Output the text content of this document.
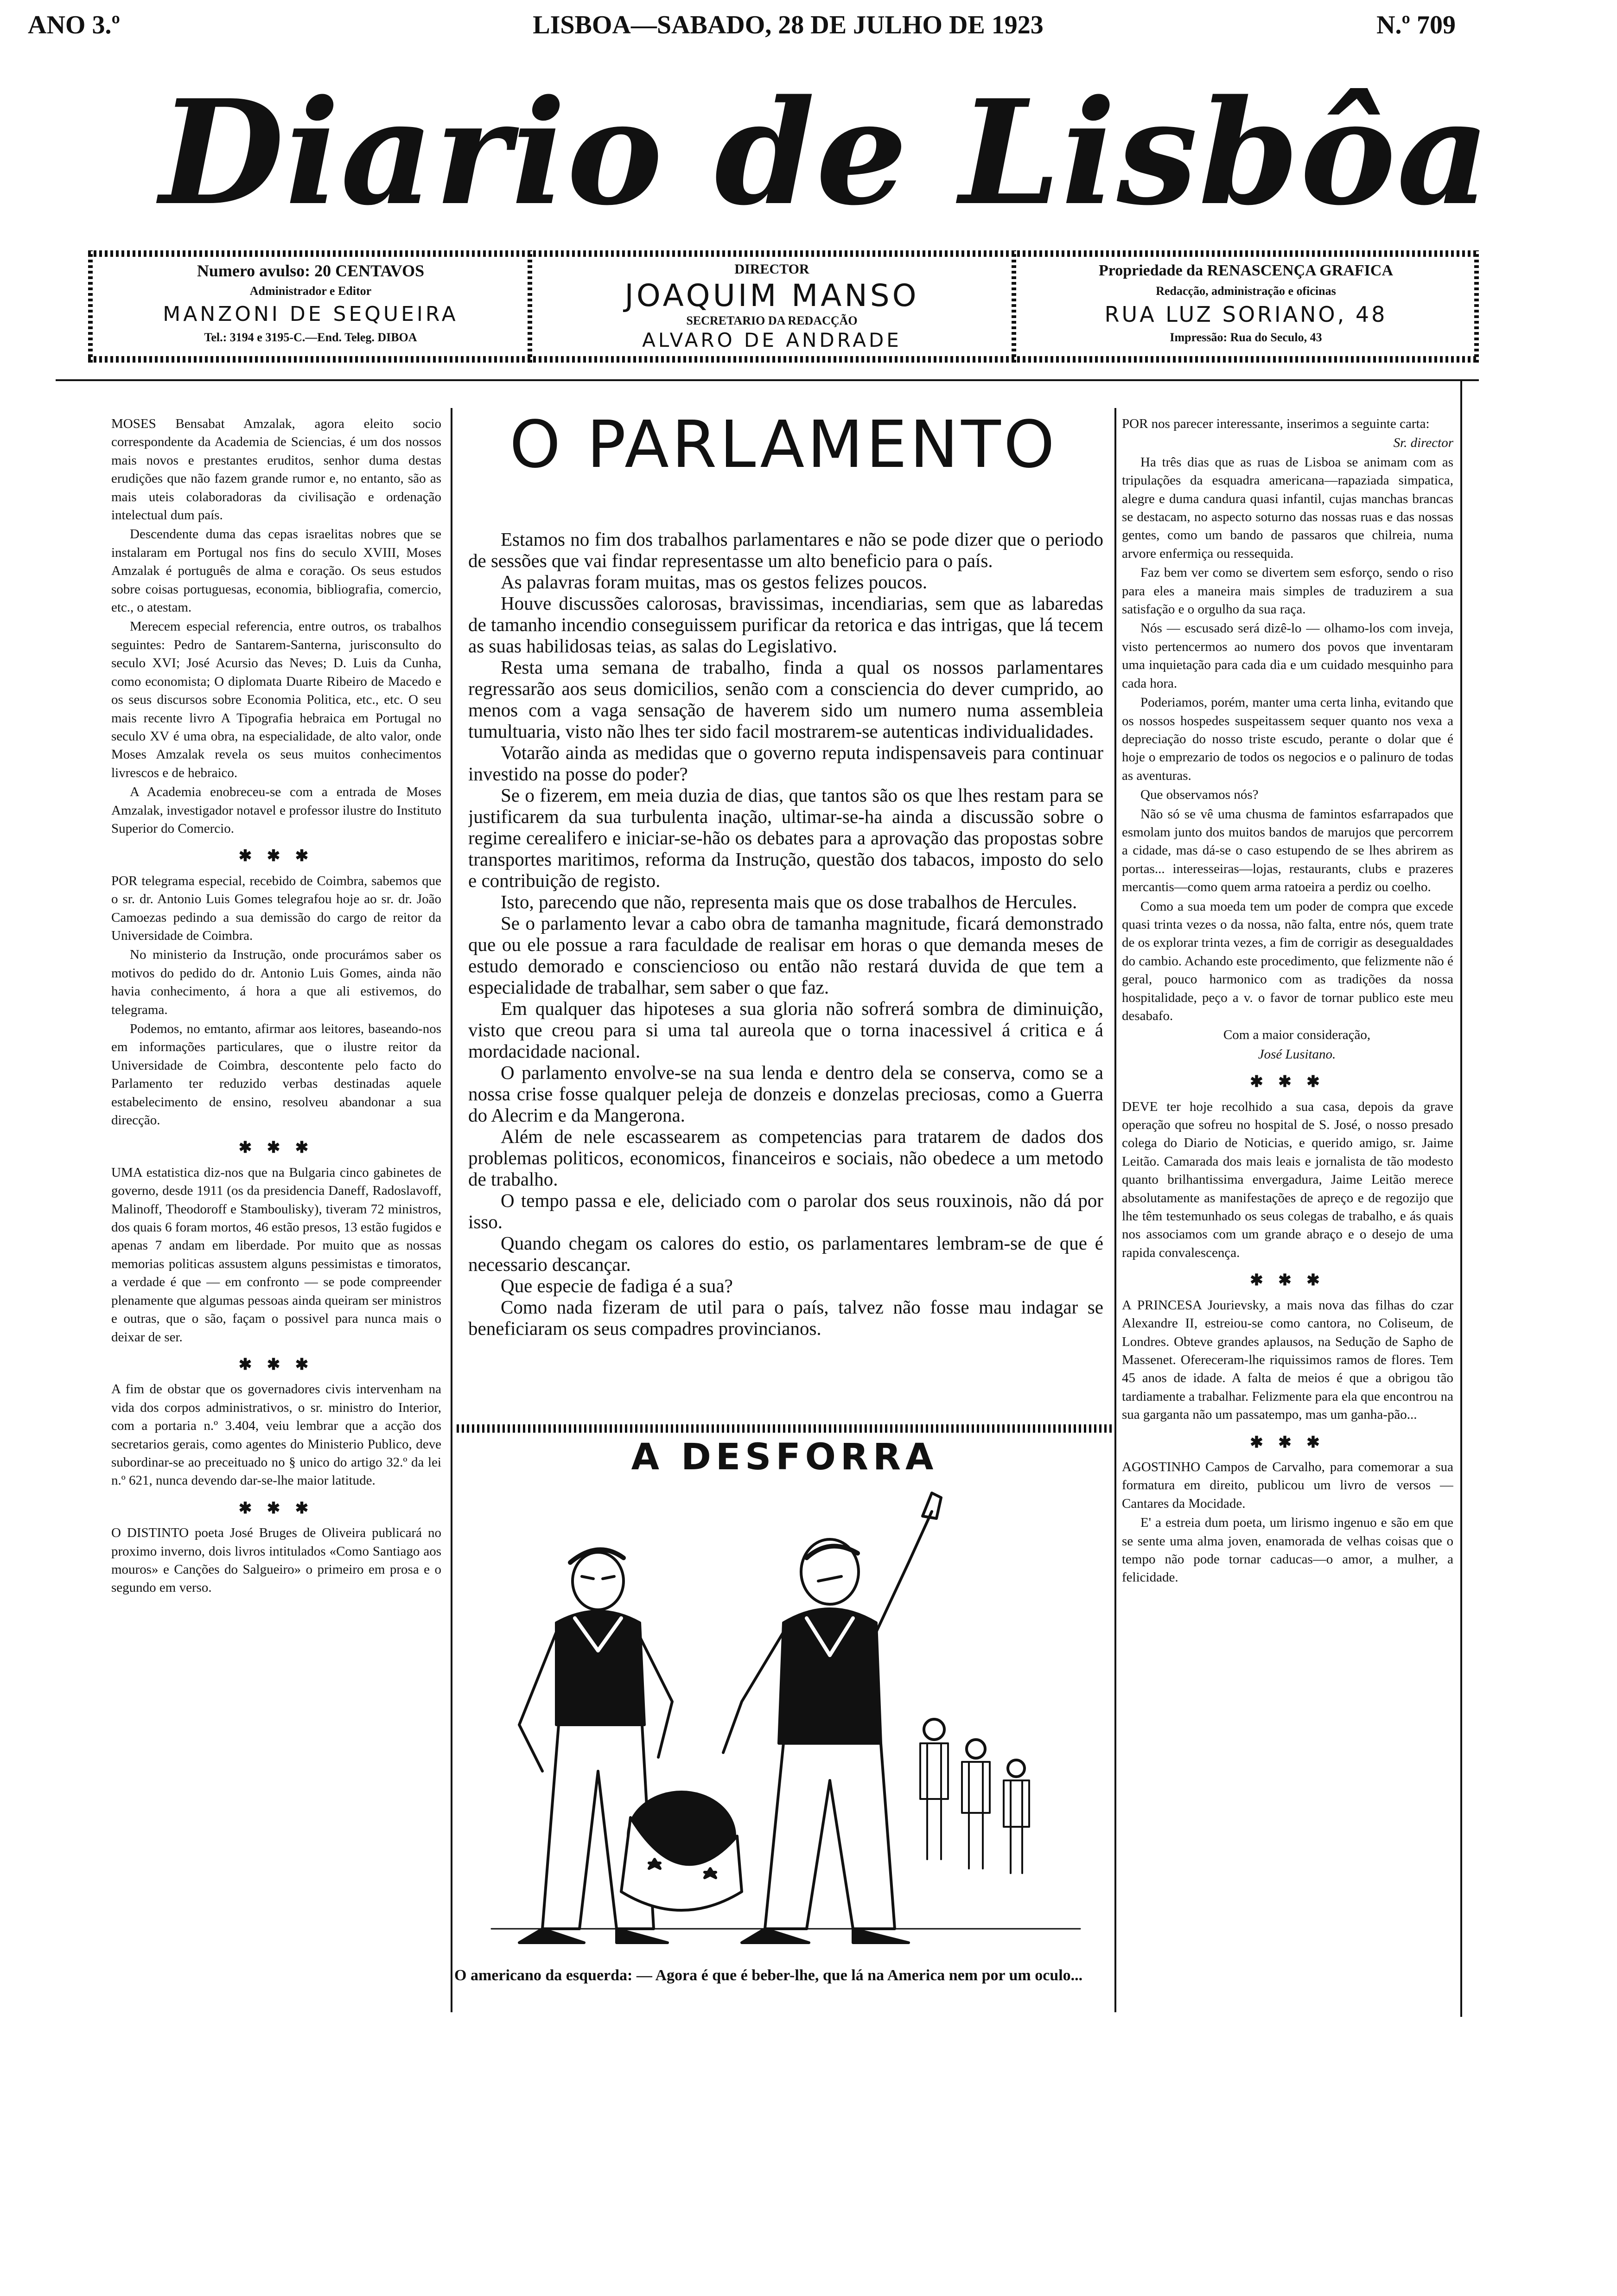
ANO 3.º	LISBOA—SABADO, 28 DE JULHO DE 1923	N.º 709
Diario de Lisbôa
Numero avulso: 20 CENTAVOS
Administrador e Editor
MANZONI DE SEQUEIRA
Tel.: 3194 e 3195-C.—End. Teleg. DIBOA
DIRECTOR
JOAQUIM MANSO
SECRETARIO DA REDACÇÃO
ALVARO DE ANDRADE
Propriedade da RENASCENÇA GRAFICA
Redacção, administração e oficinas
RUA LUZ SORIANO, 48
Impressão: Rua do Seculo, 43

MOSES Bensabat Amzalak, agora eleito socio correspondente da Academia de Sciencias, é um dos nossos mais novos e prestantes eruditos, senhor duma destas erudições que não fazem grande rumor e, no entanto, são as mais uteis colaboradoras da civilisação e ordenação intelectual dum país.

Descendente duma das cepas israelitas nobres que se instalaram em Portugal nos fins do seculo XVIII, Moses Amzalak é português de alma e coração. Os seus estudos sobre coisas portuguesas, economia, bibliografia, comercio, etc., o atestam.

Merecem especial referencia, entre outros, os trabalhos seguintes: Pedro de Santarem-Santerna, jurisconsulto do seculo XVI; José Acursio das Neves; D. Luis da Cunha, como economista; O diplomata Duarte Ribeiro de Macedo e os seus discursos sobre Economia Politica, etc., etc. O seu mais recente livro A Tipografia hebraica em Portugal no seculo XV é uma obra, na especialidade, de alto valor, onde Moses Amzalak revela os seus muitos conhecimentos livrescos e de hebraico.

A Academia enobreceu-se com a entrada de Moses Amzalak, investigador notavel e professor ilustre do Instituto Superior do Comercio.

✱ ✱ ✱

POR telegrama especial, recebido de Coimbra, sabemos que o sr. dr. Antonio Luis Gomes telegrafou hoje ao sr. dr. João Camoezas pedindo a sua demissão do cargo de reitor da Universidade de Coimbra.

No ministerio da Instrução, onde procurámos saber os motivos do pedido do dr. Antonio Luis Gomes, ainda não havia conhecimento, á hora a que ali estivemos, do telegrama.

Podemos, no emtanto, afirmar aos leitores, baseando-nos em informações particulares, que o ilustre reitor da Universidade de Coimbra, descontente pelo facto do Parlamento ter reduzido verbas destinadas aquele estabelecimento de ensino, resolveu abandonar a sua direcção.

✱ ✱ ✱

UMA estatistica diz-nos que na Bulgaria cinco gabinetes de governo, desde 1911 (os da presidencia Daneff, Radoslavoff, Malinoff, Theodoroff e Stamboulisky), tiveram 72 ministros, dos quais 6 foram mortos, 46 estão presos, 13 estão fugidos e apenas 7 andam em liberdade. Por muito que as nossas memorias politicas assustem alguns pessimistas e timoratos, a verdade é que — em confronto — se pode compreender plenamente que algumas pessoas ainda queiram ser ministros e outras, que o são, façam o possivel para nunca mais o deixar de ser.

✱ ✱ ✱

A fim de obstar que os governadores civis intervenham na vida dos corpos administrativos, o sr. ministro do Interior, com a portaria n.º 3.404, veiu lembrar que a acção dos secretarios gerais, como agentes do Ministerio Publico, deve subordinar-se ao preceituado no § unico do artigo 32.º da lei n.º 621, nunca devendo dar-se-lhe maior latitude.

✱ ✱ ✱

O DISTINTO poeta José Bruges de Oliveira publicará no proximo inverno, dois livros intitulados «Como Santiago aos mouros» e Canções do Salgueiro» o primeiro em prosa e o segundo em verso.

O PARLAMENTO

Estamos no fim dos trabalhos parlamentares e não se pode dizer que o periodo de sessões que vai findar representasse um alto beneficio para o país.

As palavras foram muitas, mas os gestos felizes poucos.

Houve discussões calorosas, bravissimas, incendiarias, sem que as labaredas de tamanho incendio conseguissem purificar da retorica e das intrigas, que lá tecem as suas habilidosas teias, as salas do Legislativo.

Resta uma semana de trabalho, finda a qual os nossos parlamentares regressarão aos seus domicilios, senão com a consciencia do dever cumprido, ao menos com a vaga sensação de haverem sido um numero numa assembleia tumultuaria, visto não lhes ter sido facil mostrarem-se autenticas individualidades.

Votarão ainda as medidas que o governo reputa indispensaveis para continuar investido na posse do poder?

Se o fizerem, em meia duzia de dias, que tantos são os que lhes restam para se justificarem da sua turbulenta inação, ultimar-se-ha ainda a discussão sobre o regime cerealifero e iniciar-se-hão os debates para a aprovação das propostas sobre transportes maritimos, reforma da Instrução, questão dos tabacos, imposto do selo e contribuição de registo.

Isto, parecendo que não, representa mais que os dose trabalhos de Hercules.

Se o parlamento levar a cabo obra de tamanha magnitude, ficará demonstrado que ou ele possue a rara faculdade de realisar em horas o que demanda meses de estudo demorado e consciencioso ou então não restará duvida de que tem a especialidade de trabalhar, sem saber o que faz.

Em qualquer das hipoteses a sua gloria não sofrerá sombra de diminuição, visto que creou para si uma tal aureola que o torna inacessivel á critica e á mordacidade nacional.

O parlamento envolve-se na sua lenda e dentro dela se conserva, como se a nossa crise fosse qualquer peleja de donzeis e donzelas preciosas, como a Guerra do Alecrim e da Mangerona.

Além de nele escassearem as competencias para tratarem de dados dos problemas politicos, economicos, financeiros e sociais, não obedece a um metodo de trabalho.

O tempo passa e ele, deliciado com o parolar dos seus rouxinois, não dá por isso.

Quando chegam os calores do estio, os parlamentares lembram-se de que é necessario descançar.

Que especie de fadiga é a sua?

Como nada fizeram de util para o país, talvez não fosse mau indagar se beneficiaram os seus compadres provincianos.

A DESFORRA
O americano da esquerda: — Agora é que é beber-lhe, que lá na America nem por um oculo...

POR nos parecer interessante, inserimos a seguinte carta:

Sr. director

Ha três dias que as ruas de Lisboa se animam com as tripulações da esquadra americana—rapaziada simpatica, alegre e duma candura quasi infantil, cujas manchas brancas se destacam, no aspecto soturno das nossas ruas e das nossas gentes, como um bando de passaros que chilreia, numa arvore enfermiça ou ressequida.

Faz bem ver como se divertem sem esforço, sendo o riso para eles a maneira mais simples de traduzirem a sua satisfação e o orgulho da sua raça.

Nós — escusado será dizê-lo — olhamo-los com inveja, visto pertencermos ao numero dos povos que inventaram uma inquietação para cada dia e um cuidado mesquinho para cada hora.

Poderiamos, porém, manter uma certa linha, evitando que os nossos hospedes suspeitassem sequer quanto nos vexa a depreciação do nosso triste escudo, perante o dolar que é hoje o emprezario de todos os negocios e o palinuro de todas as aventuras.

Que observamos nós?

Não só se vê uma chusma de famintos esfarrapados que esmolam junto dos muitos bandos de marujos que percorrem a cidade, mas dá-se o caso estupendo de se lhes abrirem as portas... interesseiras—lojas, restaurants, clubs e prazeres mercantis—como quem arma ratoeira a perdiz ou coelho.

Como a sua moeda tem um poder de compra que excede quasi trinta vezes o da nossa, não falta, entre nós, quem trate de os explorar trinta vezes, a fim de corrigir as desegualdades do cambio. Achando este procedimento, que felizmente não é geral, pouco harmonico com as tradições da nossa hospitalidade, peço a v. o favor de tornar publico este meu desabafo.

Com a maior consideração,

José Lusitano.

✱ ✱ ✱

DEVE ter hoje recolhido a sua casa, depois da grave operação que sofreu no hospital de S. José, o nosso presado colega do Diario de Noticias, e querido amigo, sr. Jaime Leitão. Camarada dos mais leais e jornalista de tão modesto quanto brilhantissima envergadura, Jaime Leitão merece absolutamente as manifestações de apreço e de regozijo que lhe têm testemunhado os seus colegas de trabalho, e ás quais nos associamos com um grande abraço e o desejo de uma rapida convalescença.

✱ ✱ ✱

A PRINCESA Jourievsky, a mais nova das filhas do czar Alexandre II, estreiou-se como cantora, no Coliseum, de Londres. Obteve grandes aplausos, na Sedução de Sapho de Massenet. Ofereceram-lhe riquissimos ramos de flores. Tem 45 anos de idade. A falta de meios é que a obrigou tão tardiamente a trabalhar. Felizmente para ela que encontrou na sua garganta não um passatempo, mas um ganha-pão...

✱ ✱ ✱

AGOSTINHO Campos de Carvalho, para comemorar a sua formatura em direito, publicou um livro de versos — Cantares da Mocidade.

E' a estreia dum poeta, um lirismo ingenuo e são em que se sente uma alma joven, enamorada de velhas coisas que o tempo não pode tornar caducas—o amor, a mulher, a felicidade.
